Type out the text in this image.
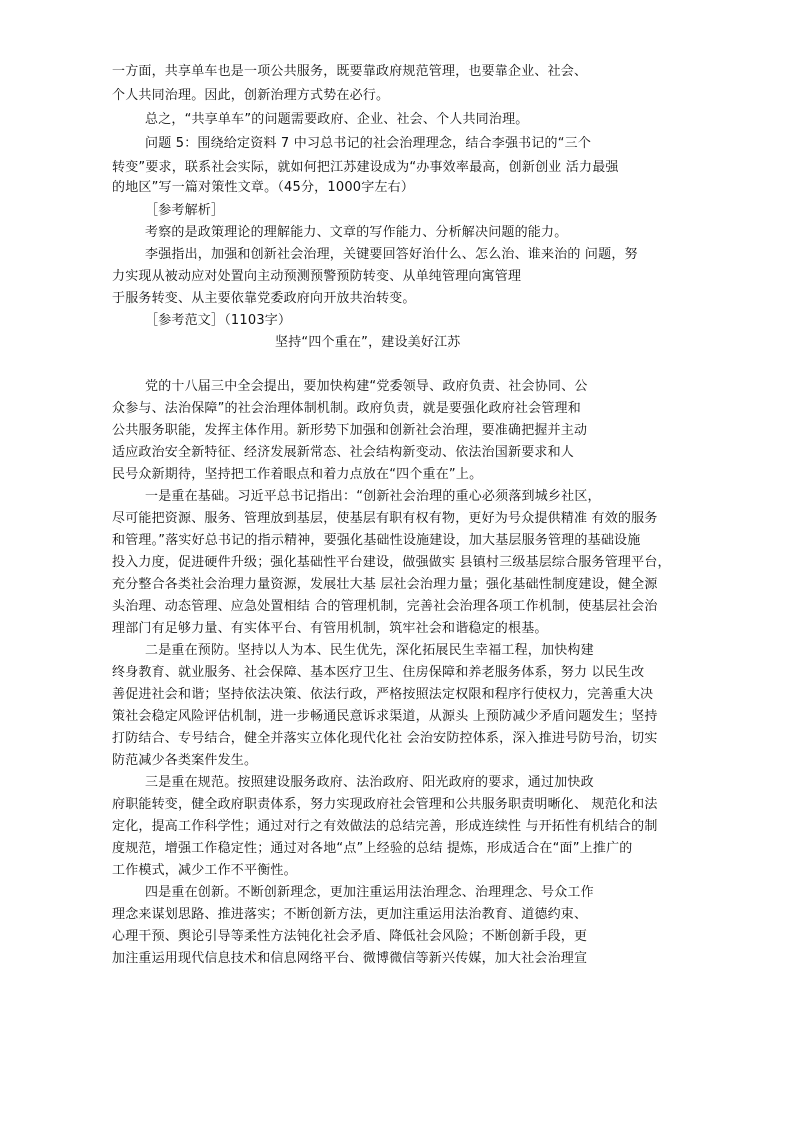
一方面，共享单车也是一项公共服务，既要靠政府规范管理，也要靠企业、社会、
个人共同治理。因此，创新治理方式势在必行。
总之，“共享单车”的问题需要政府、企业、社会、个人共同治理。
问题 5：围绕给定资料 7 中习总书记的社会治理理念，结合李强书记的“三个
转变”要求，联系社会实际，就如何把江苏建设成为“办事效率最高，创新创业 活力最强
的地区”写一篇对策性文章。（45分，1000字左右）
［参考解析］
考察的是政策理论的理解能力、文章的写作能力、分析解决问题的能力。
李强指出，加强和创新社会治理，关键要回答好治什么、怎么治、谁来治的 问题，努
力实现从被动应对处置向主动预测预警预防转变、从单纯管理向寓管理
于服务转变、从主要依靠党委政府向开放共治转变。
［参考范文］（1103字）
坚持“四个重在”，建设美好江苏
党的十八届三中全会提出，要加快构建“党委领导、政府负责、社会协同、公
众参与、法治保障”的社会治理体制机制。政府负责，就是要强化政府社会管理和
公共服务职能，发挥主体作用。新形势下加强和创新社会治理，要准确把握并主动
适应政治安全新特征、经济发展新常态、社会结构新变动、依法治国新要求和人
民号众新期待，坚持把工作着眼点和着力点放在“四个重在”上。
一是重在基础。习近平总书记指出：“创新社会治理的重心必须落到城乡社区，
尽可能把资源、服务、管理放到基层，使基层有职有权有物，更好为号众提供精准 有效的服务
和管理。”落实好总书记的指示精神，要强化基础性设施建设，加大基层服务管理的基础设施
投入力度，促进硬件升级；强化基础性平台建设，做强做实 县镇村三级基层综合服务管理平台，
充分整合各类社会治理力量资源，发展壮大基 层社会治理力量；强化基础性制度建设，健全源
头治理、动态管理、应急处置相结 合的管理机制，完善社会治理各项工作机制，使基层社会治
理部门有足够力量、有实体平台、有管用机制，筑牢社会和谐稳定的根基。
二是重在预防。坚持以人为本、民生优先，深化拓展民生幸福工程，加快构建
终身教育、就业服务、社会保障、基本医疗卫生、住房保障和养老服务体系，努力 以民生改
善促进社会和谐；坚持依法决策、依法行政，严格按照法定权限和程序行使权力，完善重大决
策社会稳定风险评估机制，进一步畅通民意诉求渠道，从源头 上预防减少矛盾问题发生；坚持
打防结合、专号结合，健全并落实立体化现代化社 会治安防控体系，深入推进号防号治，切实
防范减少各类案件发生。
三是重在规范。按照建设服务政府、法治政府、阳光政府的要求，通过加快政
府职能转变，健全政府职责体系，努力实现政府社会管理和公共服务职责明晰化、 规范化和法
定化，提高工作科学性；通过对行之有效做法的总结完善，形成连续性 与开拓性有机结合的制
度规范，增强工作稳定性；通过对各地“点”上经验的总结 提炼，形成适合在“面”上推广的
工作模式，减少工作不平衡性。
四是重在创新。不断创新理念，更加注重运用法治理念、治理理念、号众工作
理念来谋划思路、推进落实；不断创新方法，更加注重运用法治教育、道德约束、
心理干预、舆论引导等柔性方法钝化社会矛盾、降低社会风险；不断创新手段，更
加注重运用现代信息技术和信息网络平台、微博微信等新兴传媒，加大社会治理宣
